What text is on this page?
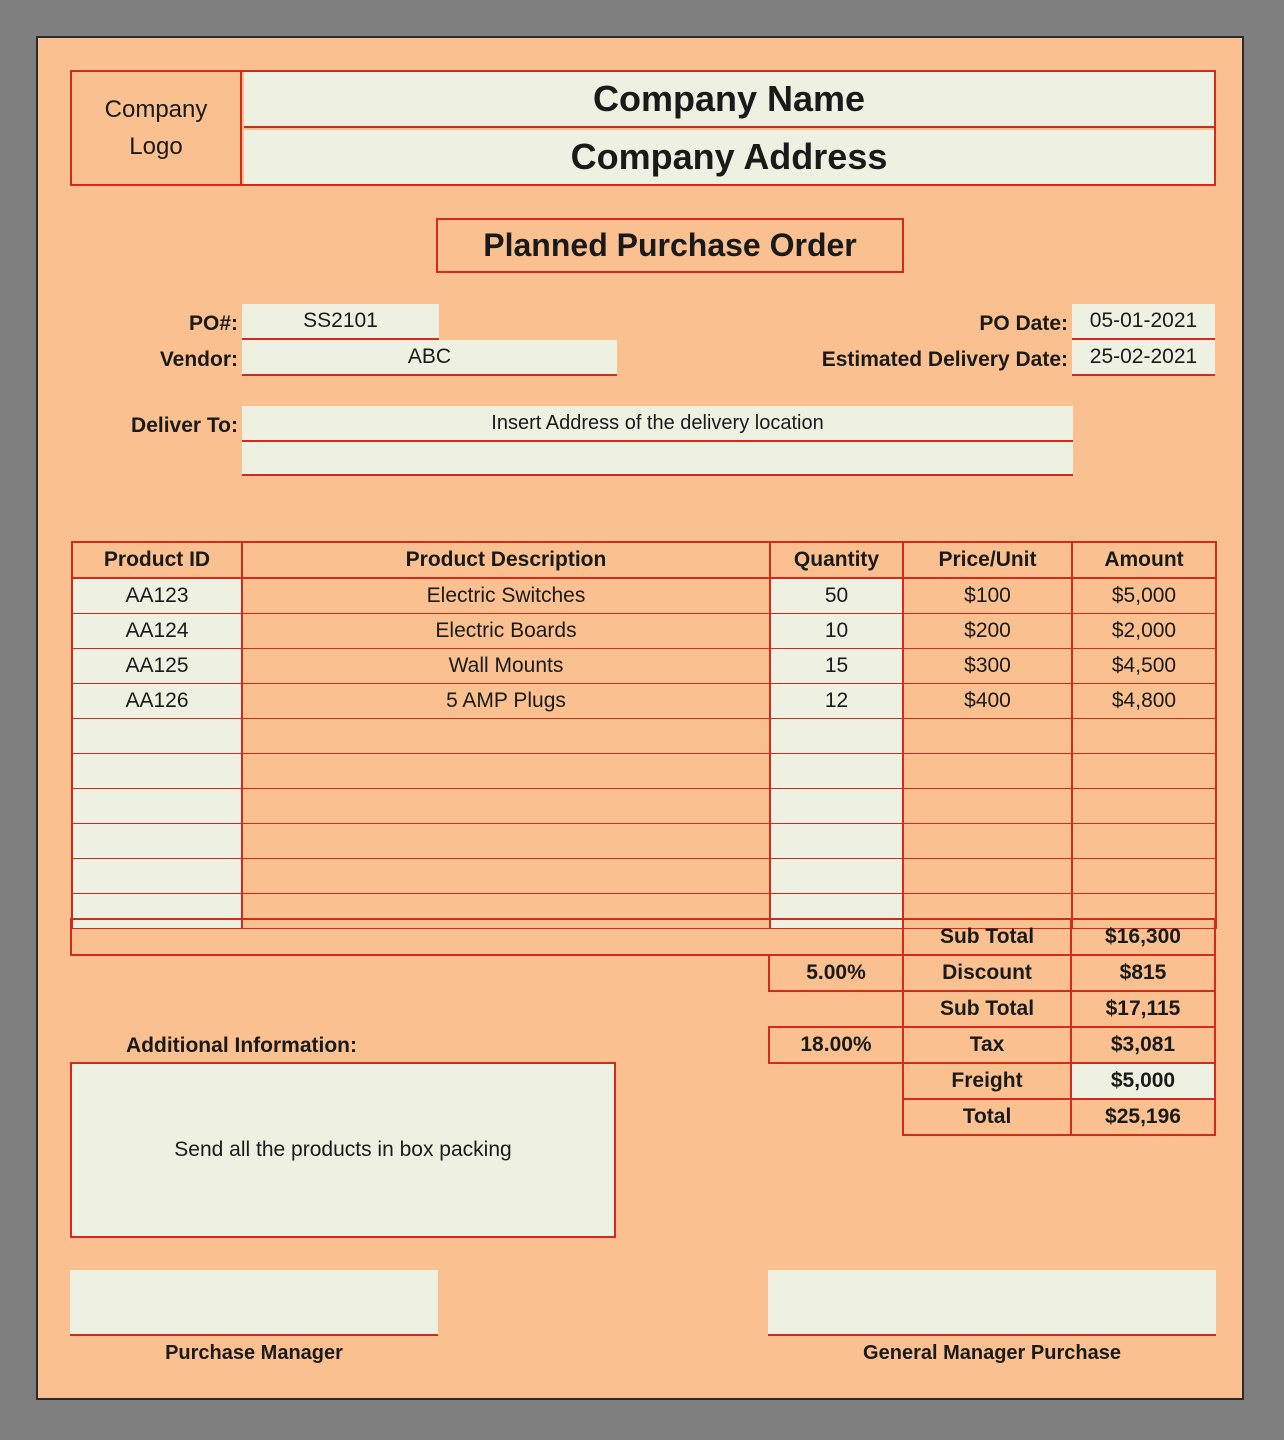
Company
Logo
Company Name
Company Address
Planned Purchase Order
PO#:	SS2101
Vendor:	ABC
PO Date:	05-01-2021
Estimated Delivery Date:	25-02-2021
Deliver To:	Insert Address of the delivery location
Product ID	Product Description	Quantity	Price/Unit	Amount
AA123	Electric Switches	50	$100	$5,000
AA124	Electric Boards	10	$200	$2,000
AA125	Wall Mounts	15	$300	$4,500
AA126	5 AMP Plugs	12	$400	$4,800

Sub Total	$16,300
5.00%	Discount	$815
Sub Total	$17,115
18.00%	Tax	$3,081
Freight	$5,000
Total	$25,196
Additional Information:
Send all the products in box packing
Purchase Manager	General Manager Purchase
